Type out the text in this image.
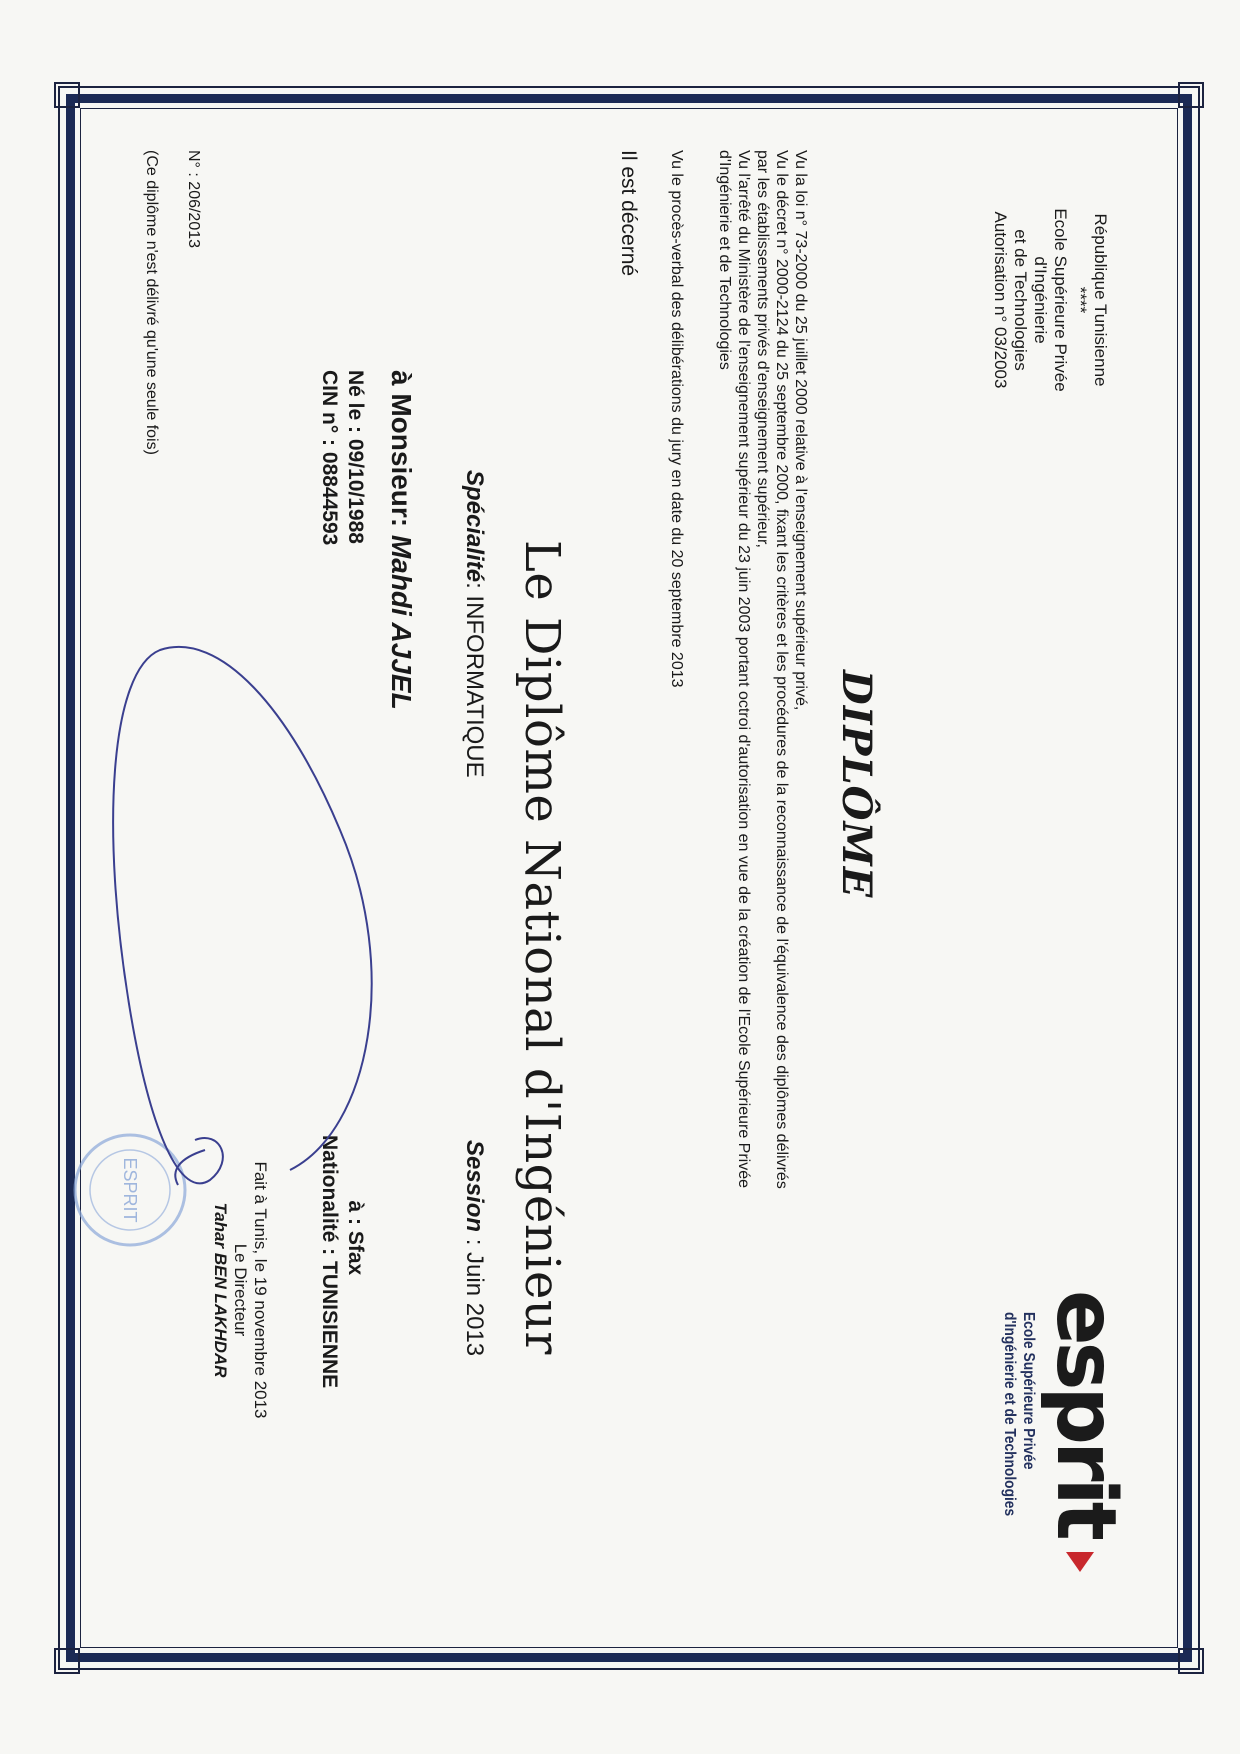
République Tunisienne
****
Ecole Supérieure Privée
d'Ingénierie
et de Technologies
Autorisation n° 03/2003
esprit
Ecole Supérieure Privée
d'Ingénierie et de Technologies
DIPLÔME
Vu la loi n° 73-2000 du 25 juillet 2000 relative à l'enseignement supérieur privé,
Vu le décret n° 2000-2124 du 25 septembre 2000, fixant les critères et les procédures de la reconnaissance de l'équivalence des diplômes délivrés
par les établissements privés d'enseignement supérieur,
Vu l'arrêté du Ministère de l'enseignement supérieur du 23 juin 2003 portant octroi d'autorisation en vue de la création de l'Ecole Supérieure Privée
d'Ingénierie et de Technologies
Vu le procès-verbal des délibérations du jury en date du 20 septembre 2013
Il est décerné
Le Diplôme National d'Ingénieur
Spécialité: INFORMATIQUE
Session : Juin 2013
à Monsieur: Mahdi AJJEL
Né le : 09/10/1988
CIN n° : 08844593
à : Sfax
Nationalité : TUNISIENNE
Fait à Tunis, le 19 novembre 2013
Le Directeur
Tahar BEN LAKHDAR
N° : 206/2013
(Ce diplôme n'est délivré qu'une seule fois)
ESPRIT
